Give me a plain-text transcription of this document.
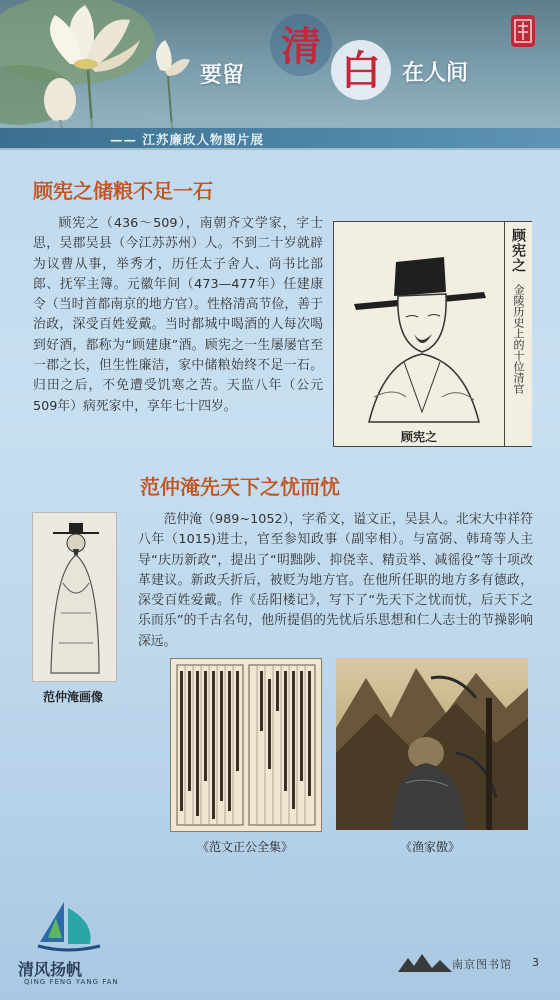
要留
清
白 在人间
—— 江苏廉政人物图片展
顾宪之储粮不足一石
顾宪之（436～509），南朝齐文学家，字士思，吴郡吴县（今江苏苏州）人。不到二十岁就辟为议曹从事，举秀才，历任太子舍人、尚书比部郎、抚军主簿。元徽年间（473—477年）任建康令（当时首都南京的地方官）。性格清高节俭，善于治政，深受百姓爱戴。当时都城中喝酒的人每次喝到好酒，都称为“顾建康”酒。顾宪之一生屡屡官至一郡之长，但生性廉洁，家中储粮始终不足一石。归田之后，不免遭受饥寒之苦。天监八年（公元509年）病死家中，享年七十四岁。
顾宪之
顾宪之
金陵历史上的十位清官
范仲淹先天下之忧而忧
范仲淹画像
范仲淹（989~1052），字希文，谥文正，吴县人。北宋大中祥符八年（1015)进士，官至参知政事（副宰相）。与富弼、韩琦等人主导“庆历新政”，提出了“明黜陟、抑侥幸、精贡举、减徭役”等十项改革建议。新政夭折后，被贬为地方官。在他所任职的地方多有德政，深受百姓爱戴。作《岳阳楼记》，写下了“先天下之忧而忧，后天下之乐而乐”的千古名句，他所提倡的先忧后乐思想和仁人志士的节操影响深远。
《范文正公全集》	《渔家傲》
清风扬帆
QING FENG YANG FAN
南京图书馆	3
